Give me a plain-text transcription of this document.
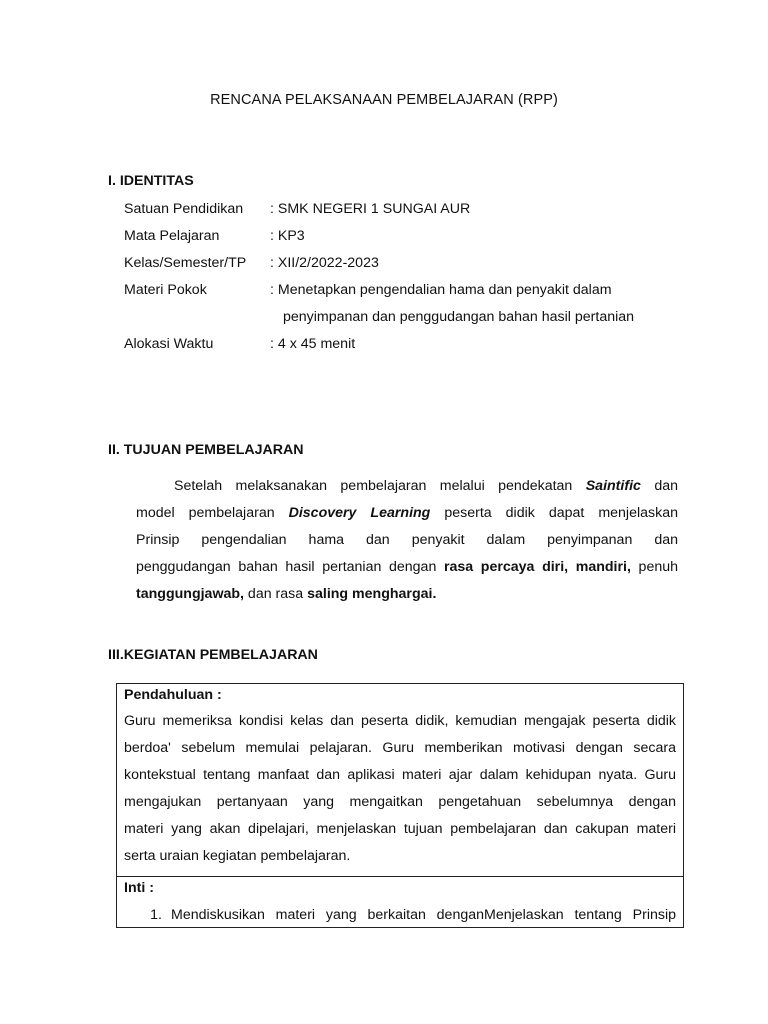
RENCANA PELAKSANAAN PEMBELAJARAN (RPP)
I. IDENTITAS
Satuan Pendidikan : SMK NEGERI 1 SUNGAI AUR
Mata Pelajaran	: KP3
Kelas/Semester/TP : XII/2/2022-2023
Materi Pokok	: Menetapkan pengendalian hama dan penyakit dalam
penyimpanan dan penggudangan bahan hasil pertanian
Alokasi Waktu	: 4 x 45 menit
II. TUJUAN PEMBELAJARAN
Setelah melaksanakan pembelajaran melalui pendekatan Saintific dan
model pembelajaran Discovery Learning peserta didik dapat menjelaskan
Prinsip pengendalian hama dan penyakit dalam penyimpanan dan
penggudangan bahan hasil pertanian dengan rasa percaya diri, mandiri, penuh
tanggungjawab, dan rasa saling menghargai.
III.KEGIATAN PEMBELAJARAN
Pendahuluan :
Guru memeriksa kondisi kelas dan peserta didik, kemudian mengajak peserta didik
berdoa' sebelum memulai pelajaran. Guru memberikan motivasi dengan secara
kontekstual tentang manfaat dan aplikasi materi ajar dalam kehidupan nyata. Guru
mengajukan pertanyaan yang mengaitkan pengetahuan sebelumnya dengan
materi yang akan dipelajari, menjelaskan tujuan pembelajaran dan cakupan materi
serta uraian kegiatan pembelajaran.
Inti :
1. Mendiskusikan materi yang berkaitan denganMenjelaskan tentang Prinsip
